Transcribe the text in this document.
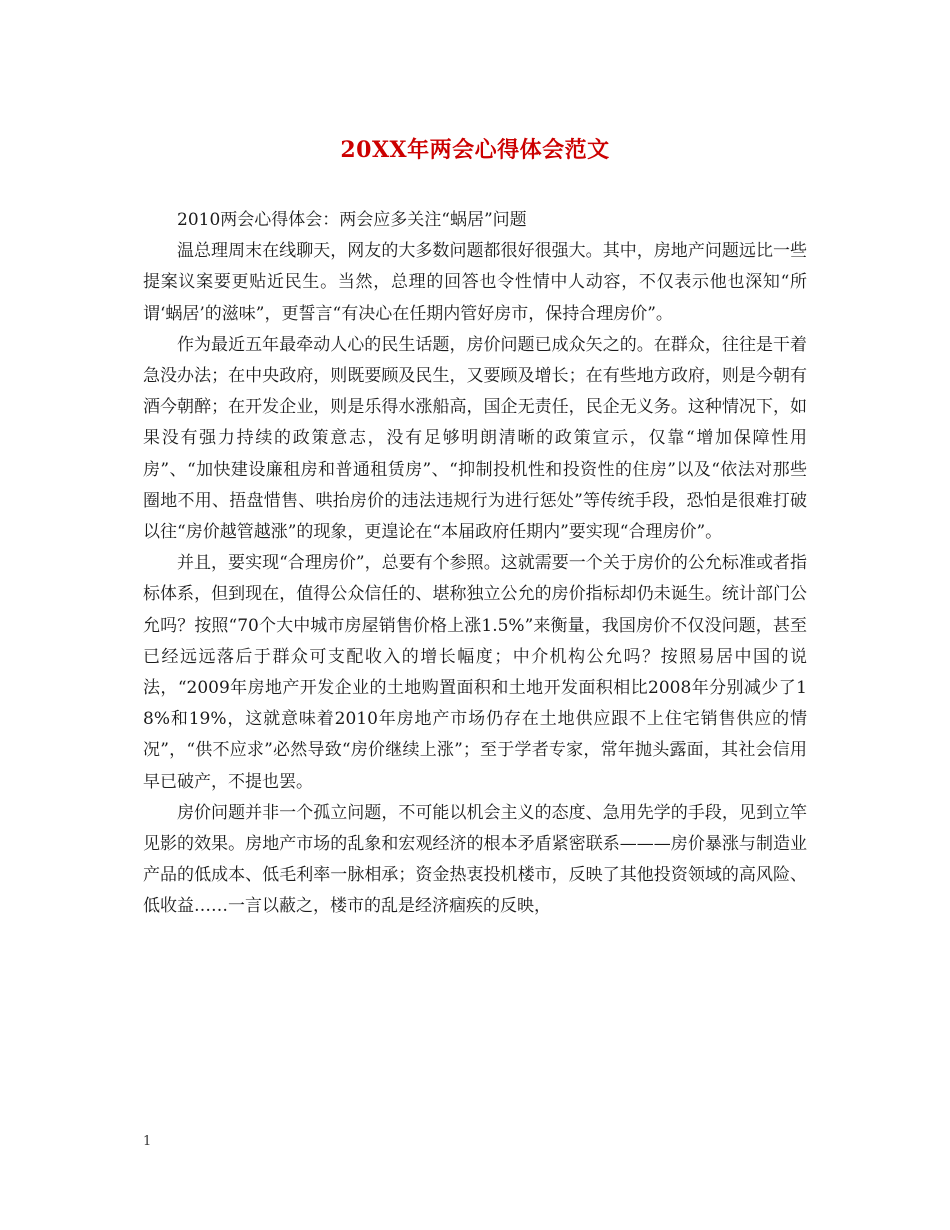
20XX年两会心得体会范文

2010两会心得体会：两会应多关注“蜗居”问题

温总理周末在线聊天，网友的大多数问题都很好很强大。其中，房地产问题远比一些提案议案要更贴近民生。当然，总理的回答也令性情中人动容，不仅表示他也深知“所谓‘蜗居’的滋味”，更誓言“有决心在任期内管好房市，保持合理房价”。

作为最近五年最牵动人心的民生话题，房价问题已成众矢之的。在群众，往往是干着急没办法；在中央政府，则既要顾及民生，又要顾及增长；在有些地方政府，则是今朝有酒今朝醉；在开发企业，则是乐得水涨船高，国企无责任，民企无义务。这种情况下，如果没有强力持续的政策意志，没有足够明朗清晰的政策宣示，仅靠“增加保障性用房”、“加快建设廉租房和普通租赁房”、“抑制投机性和投资性的住房”以及“依法对那些圈地不用、捂盘惜售、哄抬房价的违法违规行为进行惩处”等传统手段，恐怕是很难打破以往“房价越管越涨”的现象，更遑论在“本届政府任期内”要实现“合理房价”。

并且，要实现“合理房价”，总要有个参照。这就需要一个关于房价的公允标准或者指标体系，但到现在，值得公众信任的、堪称独立公允的房价指标却仍未诞生。统计部门公允吗？按照“70个大中城市房屋销售价格上涨1.5%”来衡量，我国房价不仅没问题，甚至已经远远落后于群众可支配收入的增长幅度；中介机构公允吗？按照易居中国的说法，“2009年房地产开发企业的土地购置面积和土地开发面积相比2008年分别减少了18%和19%，这就意味着2010年房地产市场仍存在土地供应跟不上住宅销售供应的情况”，“供不应求”必然导致“房价继续上涨”；至于学者专家，常年抛头露面，其社会信用早已破产，不提也罢。

房价问题并非一个孤立问题，不可能以机会主义的态度、急用先学的手段，见到立竿见影的效果。房地产市场的乱象和宏观经济的根本矛盾紧密联系———房价暴涨与制造业产品的低成本、低毛利率一脉相承；资金热衷投机楼市，反映了其他投资领域的高风险、低收益……一言以蔽之，楼市的乱是经济痼疾的反映，

1
